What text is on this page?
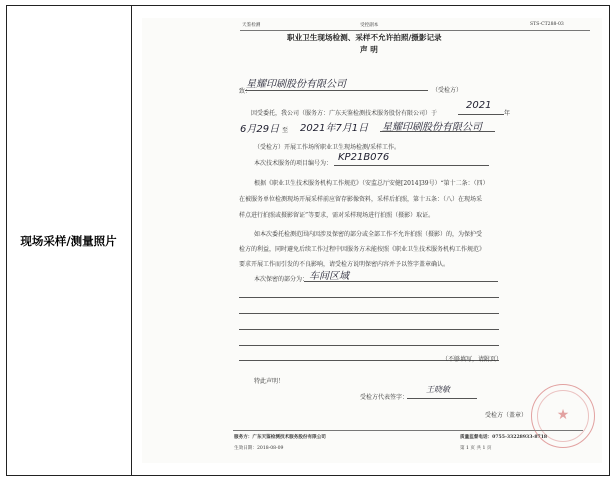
现场采样/测量照片
天鉴检测	受控副本	STS-CT288-03
职业卫生现场检测、采样不允许拍照/摄影记录
声 明
致：
星耀印刷股份有限公司
（受检方）
因受委托，我公司（服务方：广东天鉴检测技术服务股份有限公司）于
2021
年
6月29日 至 2021年7月1日 星耀印刷股份有限公司
（受检方）开展工作场所职业卫生现场检测/采样工作。
本次技术服务的项目编号为：
KP21B076
根据《职业卫生技术服务机构工作规范》（安监总厅安健[2014]39号）“第十二条：（四）
在被服务单位检测现场开展采样前应留存影像资料，采样后拍照，第十五条：（八）在现场采
样点进行拍照或摄影留证”等要求，需对采样现场进行拍照（摄影）取证。
如本次委托检测范围内因涉及保密的部分或全部工作不允许拍照（摄影）的，为保护受
检方的利益，同时避免后续工作过程中因服务方未能按照《职业卫生技术服务机构工作规范》
要求开展工作而引发的不良影响，请受检方说明保密内容并予以签字盖章确认。
本次保密的部分为： 车间区域
（不够填写，请附页）
特此声明！
受检方代表签字：
王晓敏
★
受检方（盖章）
服务方：广东天鉴检测技术服务股份有限公司	质量监督电话：0755-33228933-8718
生效日期：2018-08-09	第 1 页 共 1 页
